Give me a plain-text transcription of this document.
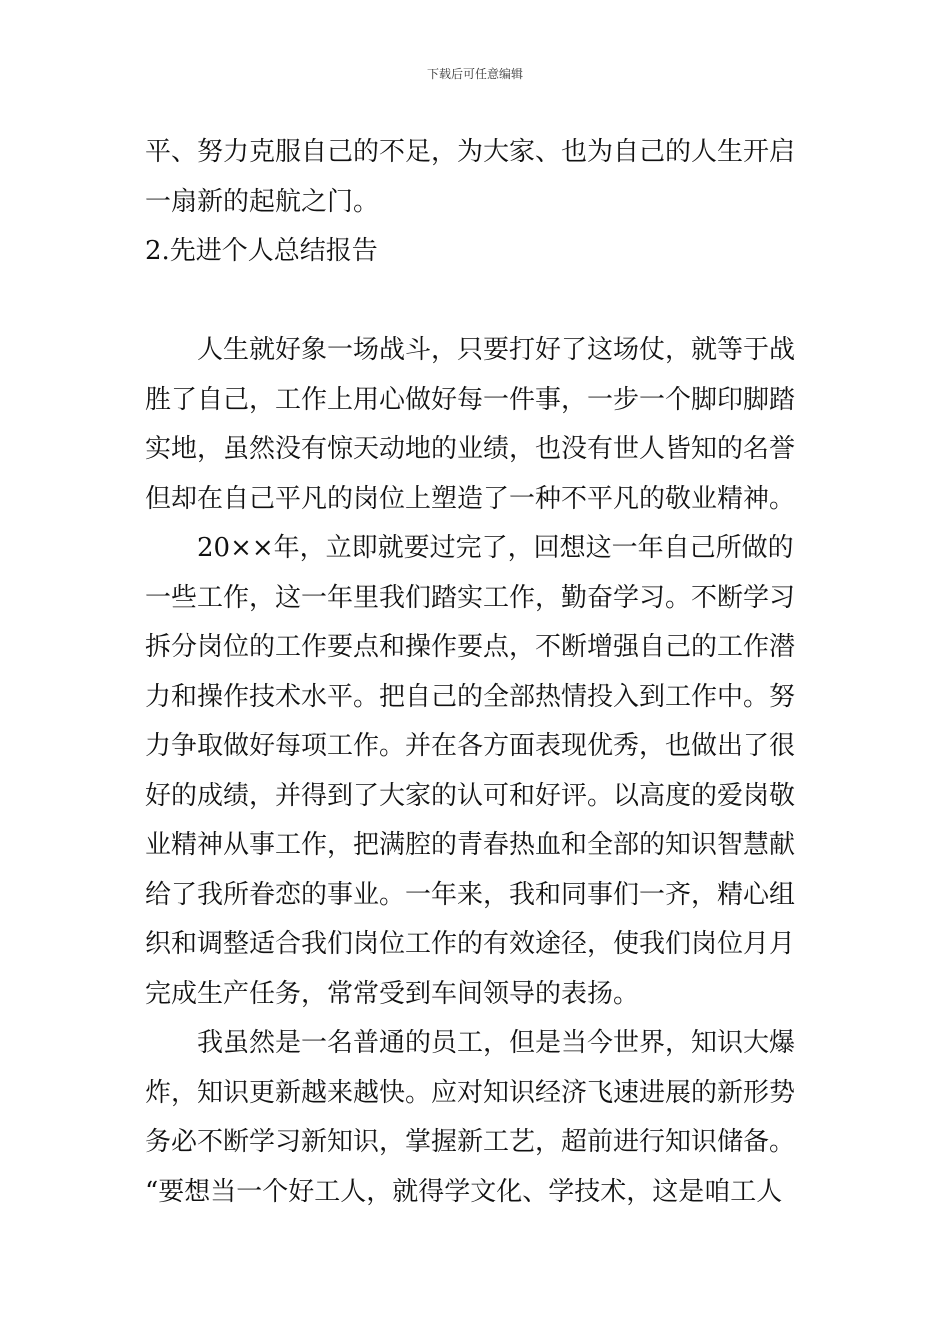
下载后可任意编辑
平、努力克服自己的不足，为大家、也为自己的人生开启
一扇新的起航之门。
2.先进个人总结报告
人生就好象一场战斗，只要打好了这场仗，就等于战
胜了自己，工作上用心做好每一件事，一步一个脚印脚踏
实地，虽然没有惊天动地的业绩，也没有世人皆知的名誉
但却在自己平凡的岗位上塑造了一种不平凡的敬业精神。
20××年，立即就要过完了，回想这一年自己所做的
一些工作，这一年里我们踏实工作，勤奋学习。不断学习
拆分岗位的工作要点和操作要点，不断增强自己的工作潜
力和操作技术水平。把自己的全部热情投入到工作中。努
力争取做好每项工作。并在各方面表现优秀，也做出了很
好的成绩，并得到了大家的认可和好评。以高度的爱岗敬
业精神从事工作，把满腔的青春热血和全部的知识智慧献
给了我所眷恋的事业。一年来，我和同事们一齐，精心组
织和调整适合我们岗位工作的有效途径，使我们岗位月月
完成生产任务，常常受到车间领导的表扬。
我虽然是一名普通的员工，但是当今世界，知识大爆
炸，知识更新越来越快。应对知识经济飞速进展的新形势
务必不断学习新知识，掌握新工艺，超前进行知识储备。
“要想当一个好工人，就得学文化、学技术，这是咱工人
